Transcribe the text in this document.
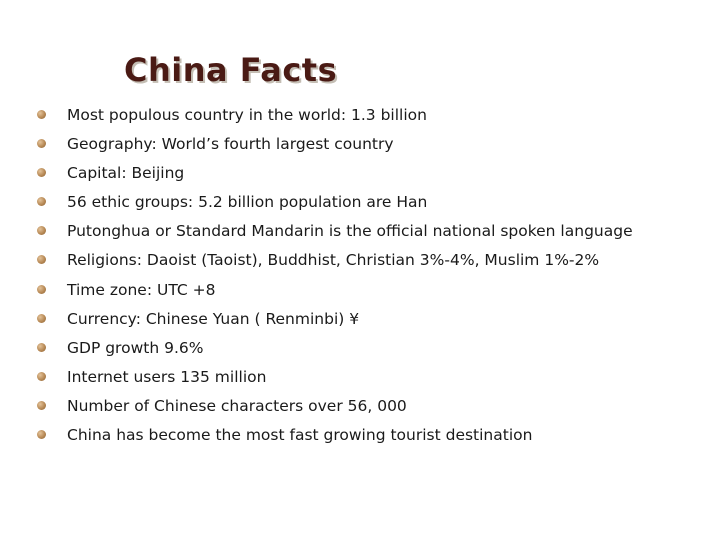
China Facts
Most populous country in the world: 1.3 billion
Geography: World’s fourth largest country
Capital: Beijing
56 ethic groups: 5.2 billion population are Han
Putonghua or Standard Mandarin is the official national spoken language
Religions: Daoist (Taoist), Buddhist, Christian 3%-4%, Muslim 1%-2%
Time zone: UTC +8
Currency: Chinese Yuan ( Renminbi) ¥
GDP growth 9.6%
Internet users 135 million
Number of Chinese characters over 56, 000
China has become the most fast growing tourist destination
